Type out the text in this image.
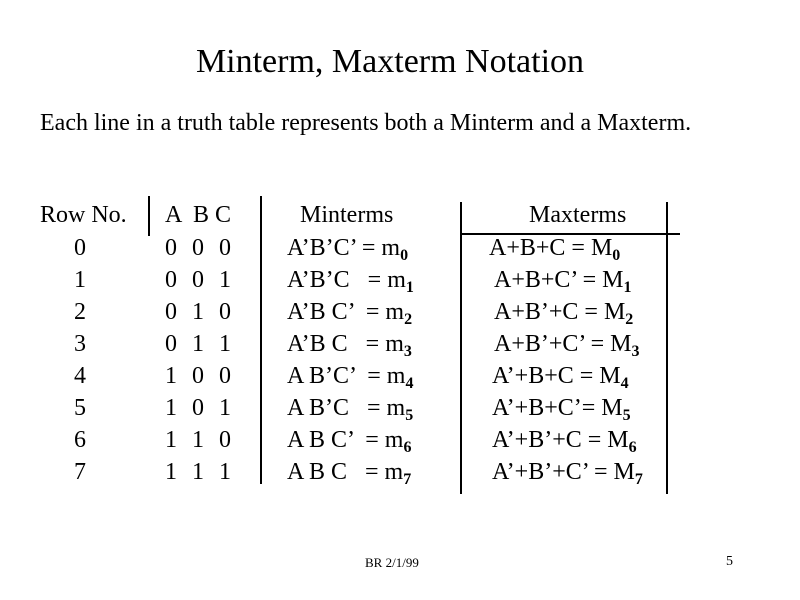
Minterm, Maxterm Notation
Each line in a truth table represents both a Minterm and a Maxterm.
Row No.
0
1
2
3
4
5
6
7
A  B C
0 0 0
0 0 1
0 1 0
0 1 1
1 0 0
1 0 1
1 1 0
1 1 1
Minterms
A’B’C’ = $m_0$
A’B’C   = $m_1$
A’B C’  = $m_2$
A’B $C = m_3$
A B’C’  = $m_4$
A B’C   = $m_5$
A B C’  = $m_6$
A B $C = m_7$
Maxterms
$A+B+C = M_0$
A+B+C’ = $M_1$
A+B’+C = $M_2$
A+B’+C’ = $M_3$
A’+B+C = $M_4$
A’+B+C’= $M_5$
A’+B’+C = $M_6$
A’+B’+C’ = $M_7$
BR 2/1/99	5
